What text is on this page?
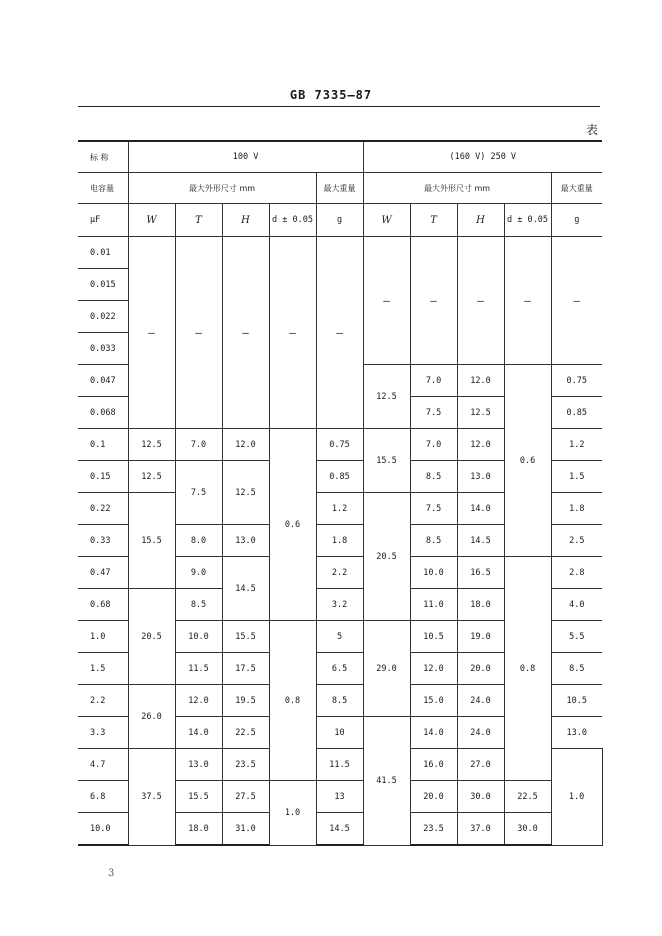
GB 7335—87
表
标 称	100 V					(160 V) 250 V					
电容量	最大外形尺寸 mm				最大重量	最大外形尺寸 mm				最大重量	
μF	W	T	H	d ± 0.05	g	W	T	H	d ± 0.05	g	
0.01	—	—	—	—	—	—	—	—	—	—	
0.015											
0.022											
0.033											
0.047						12.5	7.0	12.0	0.6	0.75	
0.068							7.5	12.5		0.85	
0.1	12.5	7.0	12.0	0.6	0.75	15.5	7.0	12.0		1.2	
0.15	12.5	7.5	12.5		0.85		8.5	13.0		1.5	
0.22	15.5				1.2	20.5	7.5	14.0		1.8	
0.33		8.0	13.0		1.8		8.5	14.5		2.5	
0.47		9.0	14.5		2.2		10.0	16.5	0.8	2.8	
0.68	20.5	8.5			3.2		11.0	18.0		4.0	
1.0		10.0	15.5	0.8	5	29.0	10.5	19.0		5.5	
1.5		11.5	17.5		6.5		12.0	20.0		8.5	
2.2	26.0	12.0	19.5		8.5		15.0	24.0		10.5	
3.3		14.0	22.5		10	41.5	14.0	24.0		13.0	
4.7	37.5	13.0	23.5		11.5		16.0	27.0		1.0	
6.8		15.5	27.5	1.0	13		20.0	30.0	22.5		
10.0		18.0	31.0		14.5		23.5	37.0	30.0		
3
